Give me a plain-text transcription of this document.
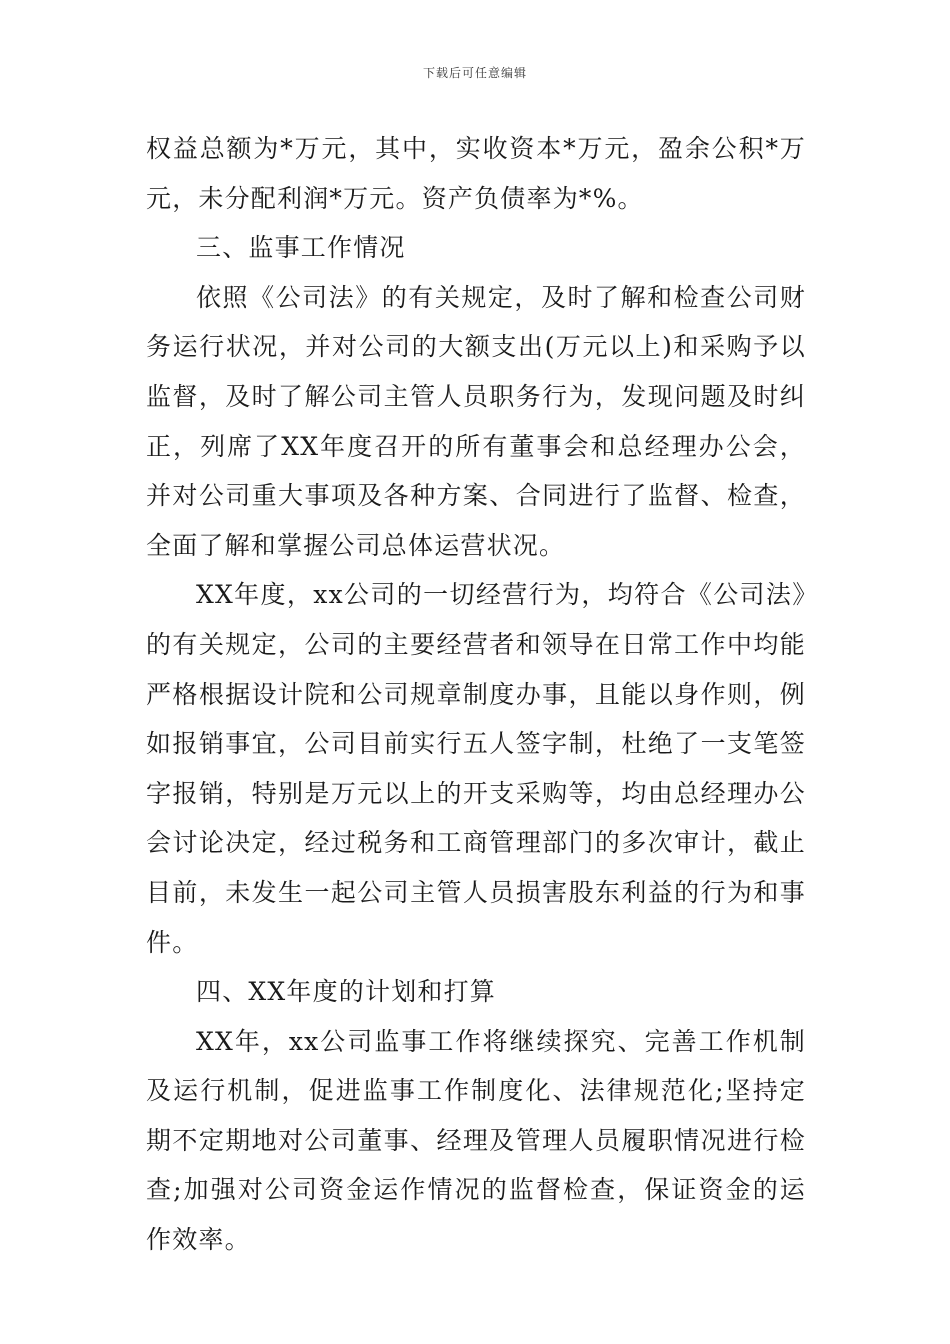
下载后可任意编辑

权益总额为*万元，其中，实收资本*万元，盈余公积*万元，未分配利润*万元。资产负债率为*%。

三、监事工作情况

依照《公司法》的有关规定，及时了解和检查公司财务运行状况，并对公司的大额支出(万元以上)和采购予以监督，及时了解公司主管人员职务行为，发现问题及时纠正，列席了XX年度召开的所有董事会和总经理办公会，并对公司重大事项及各种方案、合同进行了监督、检查，全面了解和掌握公司总体运营状况。

XX年度，xx公司的一切经营行为，均符合《公司法》的有关规定，公司的主要经营者和领导在日常工作中均能严格根据设计院和公司规章制度办事，且能以身作则，例如报销事宜，公司目前实行五人签字制，杜绝了一支笔签字报销，特别是万元以上的开支采购等，均由总经理办公会讨论决定，经过税务和工商管理部门的多次审计，截止目前，未发生一起公司主管人员损害股东利益的行为和事件。

四、XX年度的计划和打算

XX年，xx公司监事工作将继续探究、完善工作机制及运行机制，促进监事工作制度化、法律规范化;坚持定期不定期地对公司董事、经理及管理人员履职情况进行检查;加强对公司资金运作情况的监督检查，保证资金的运作效率。
